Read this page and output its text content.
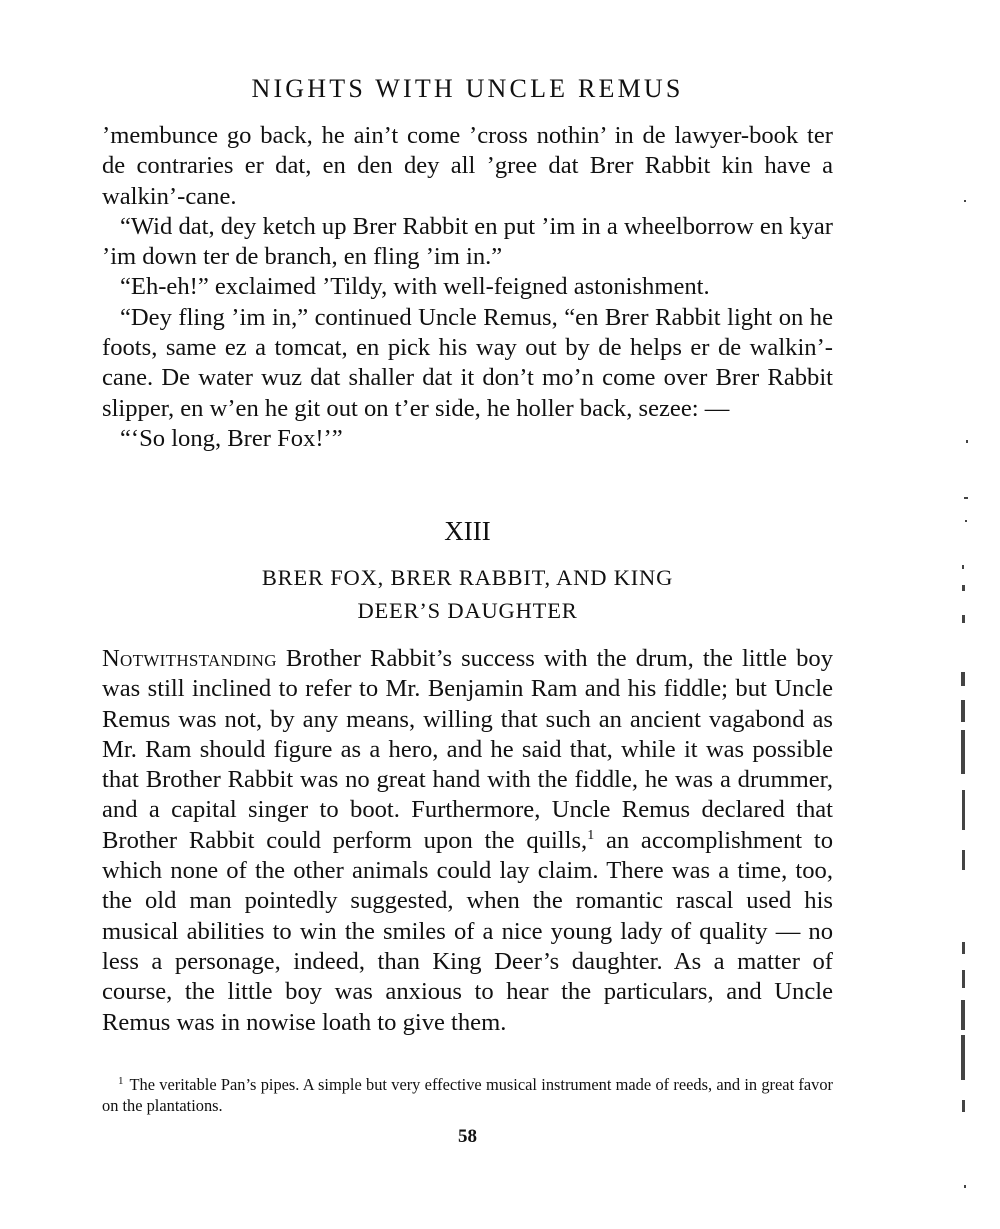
NIGHTS WITH UNCLE REMUS

’membunce go back, he ain’t come ’cross nothin’ in de lawyer-book ter de contraries er dat, en den dey all ’gree dat Brer Rabbit kin have a walkin’-cane.

“Wid dat, dey ketch up Brer Rabbit en put ’im in a wheelborrow en kyar ’im down ter de branch, en fling ’im in.”

“Eh-eh!” exclaimed ’Tildy, with well-feigned astonishment.

“Dey fling ’im in,” continued Uncle Remus, “en Brer Rabbit light on he foots, same ez a tomcat, en pick his way out by de helps er de walkin’-cane. De water wuz dat shaller dat it don’t mo’n come over Brer Rabbit slipper, en w’en he git out on t’er side, he holler back, sezee: —

“‘So long, Brer Fox!’”

XIII
BRER FOX, BRER RABBIT, AND KING
DEER’S DAUGHTER

Notwithstanding Brother Rabbit’s success with the drum, the little boy was still inclined to refer to Mr. Benjamin Ram and his fiddle; but Uncle Remus was not, by any means, willing that such an ancient vagabond as Mr. Ram should figure as a hero, and he said that, while it was possible that Brother Rabbit was no great hand with the fiddle, he was a drummer, and a capital singer to boot. Furthermore, Uncle Remus declared that Brother Rabbit could perform upon the quills,$^1$ an accomplishment to which none of the other animals could lay claim. There was a time, too, the old man pointedly suggested, when the romantic rascal used his musical abilities to win the smiles of a nice young lady of quality — no less a personage, indeed, than King Deer’s daughter. As a matter of course, the little boy was anxious to hear the particulars, and Uncle Remus was in nowise loath to give them.

$^1$ The veritable Pan’s pipes. A simple but very effective musical instrument made of reeds, and in great favor on the plantations.
58
